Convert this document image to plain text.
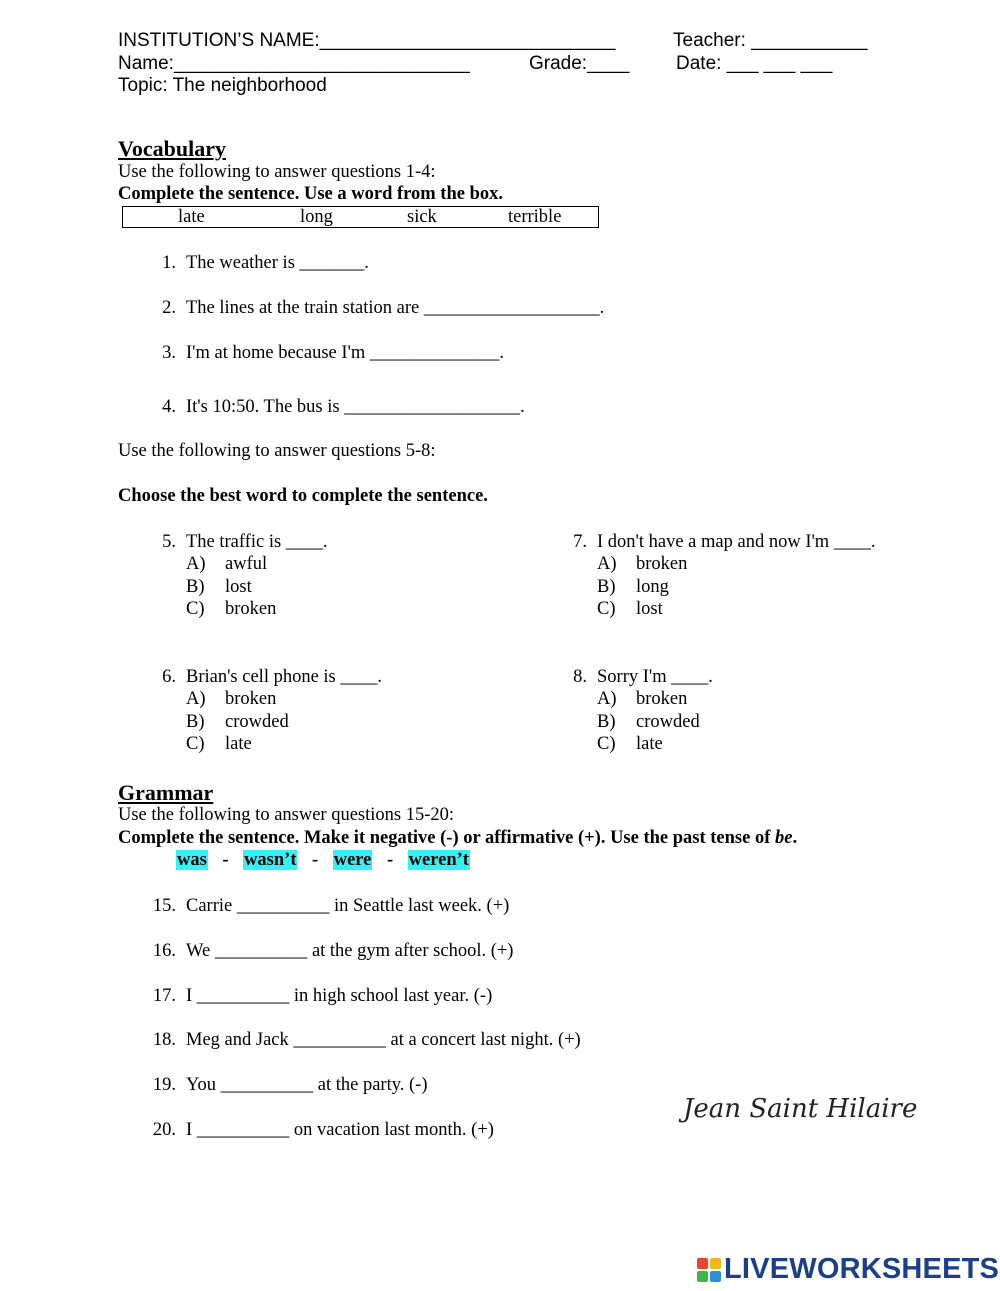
INSTITUTION’S NAME:____________________________	Teacher: ___________
Name:____________________________	Grade:____ Date: ___ ___ ___
Topic: The neighborhood
Vocabulary
Use the following to answer questions 1-4:
Complete the sentence. Use a word from the box.
late	long	sick	terrible
1. The weather is _______.
2. The lines at the train station are ___________________.
3. I'm at home because I'm ______________.
4. It's 10:50. The bus is ___________________.
Use the following to answer questions 5-8:
Choose the best word to complete the sentence.
5. The traffic is ____.
A) awful
B) lost
C) broken
6. Brian's cell phone is ____.
A) broken
B) crowded
C) late
7. I don't have a map and now I'm ____.
A) broken
B) long
C) lost
8. Sorry I'm ____.
A) broken
B) crowded
C) late
Grammar
Use the following to answer questions 15-20:
Complete the sentence. Make it negative (-) or affirmative (+). Use the past tense of be.
was - wasn’t - were - weren’t
15. Carrie __________ in Seattle last week. (+)
16. We __________ at the gym after school. (+)
17. I __________ in high school last year. (-)
18. Meg and Jack __________ at a concert last night. (+)
19. You __________ at the party. (-)
20. I __________ on vacation last month. (+)
Jean Saint Hilaire
LIVEWORKSHEETS
